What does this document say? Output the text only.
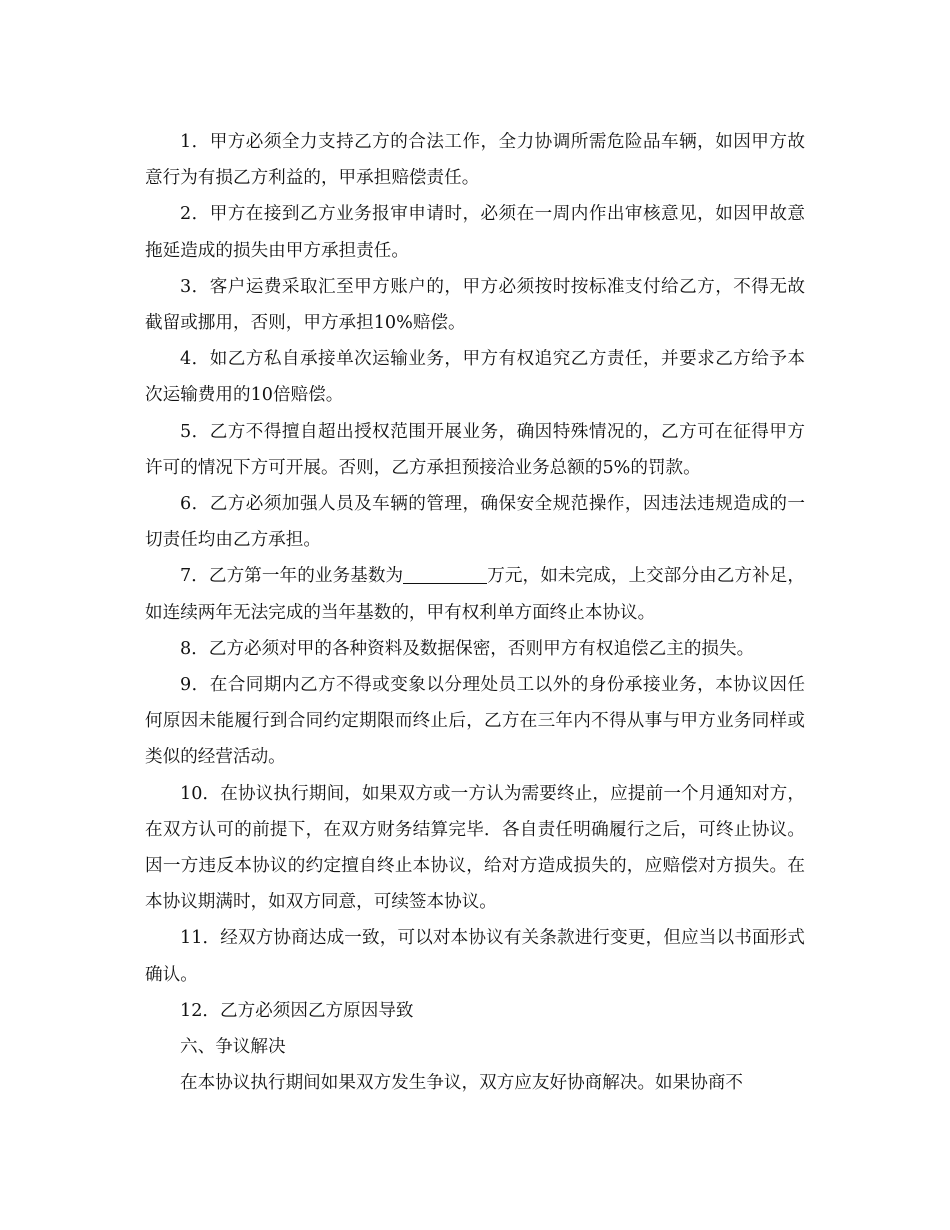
1．甲方必须全力支持乙方的合法工作，全力协调所需危险品车辆，如因甲方故意行为有损乙方利益的，甲承担赔偿责任。

2．甲方在接到乙方业务报审申请时，必须在一周内作出审核意见，如因甲故意拖延造成的损失由甲方承担责任。

3．客户运费采取汇至甲方账户的，甲方必须按时按标准支付给乙方，不得无故截留或挪用，否则，甲方承担10%赔偿。

4．如乙方私自承接单次运输业务，甲方有权追究乙方责任，并要求乙方给予本次运输费用的10倍赔偿。

5．乙方不得擅自超出授权范围开展业务，确因特殊情况的，乙方可在征得甲方许可的情况下方可开展。否则，乙方承担预接洽业务总额的5%的罚款。

6．乙方必须加强人员及车辆的管理，确保安全规范操作，因违法违规造成的一切责任均由乙方承担。

7．乙方第一年的业务基数为	万元，如未完成，上交部分由乙方补足，如连续两年无法完成的当年基数的，甲有权利单方面终止本协议。

8．乙方必须对甲的各种资料及数据保密，否则甲方有权追偿乙主的损失。

9．在合同期内乙方不得或变象以分理处员工以外的身份承接业务，本协议因任何原因未能履行到合同约定期限而终止后，乙方在三年内不得从事与甲方业务同样或类似的经营活动。

10．在协议执行期间，如果双方或一方认为需要终止，应提前一个月通知对方，在双方认可的前提下，在双方财务结算完毕．各自责任明确履行之后，可终止协议。因一方违反本协议的约定擅自终止本协议，给对方造成损失的，应赔偿对方损失。在本协议期满时，如双方同意，可续签本协议。

11．经双方协商达成一致，可以对本协议有关条款进行变更，但应当以书面形式确认。

12．乙方必须因乙方原因导致

六、争议解决

在本协议执行期间如果双方发生争议，双方应友好协商解决。如果协商不
